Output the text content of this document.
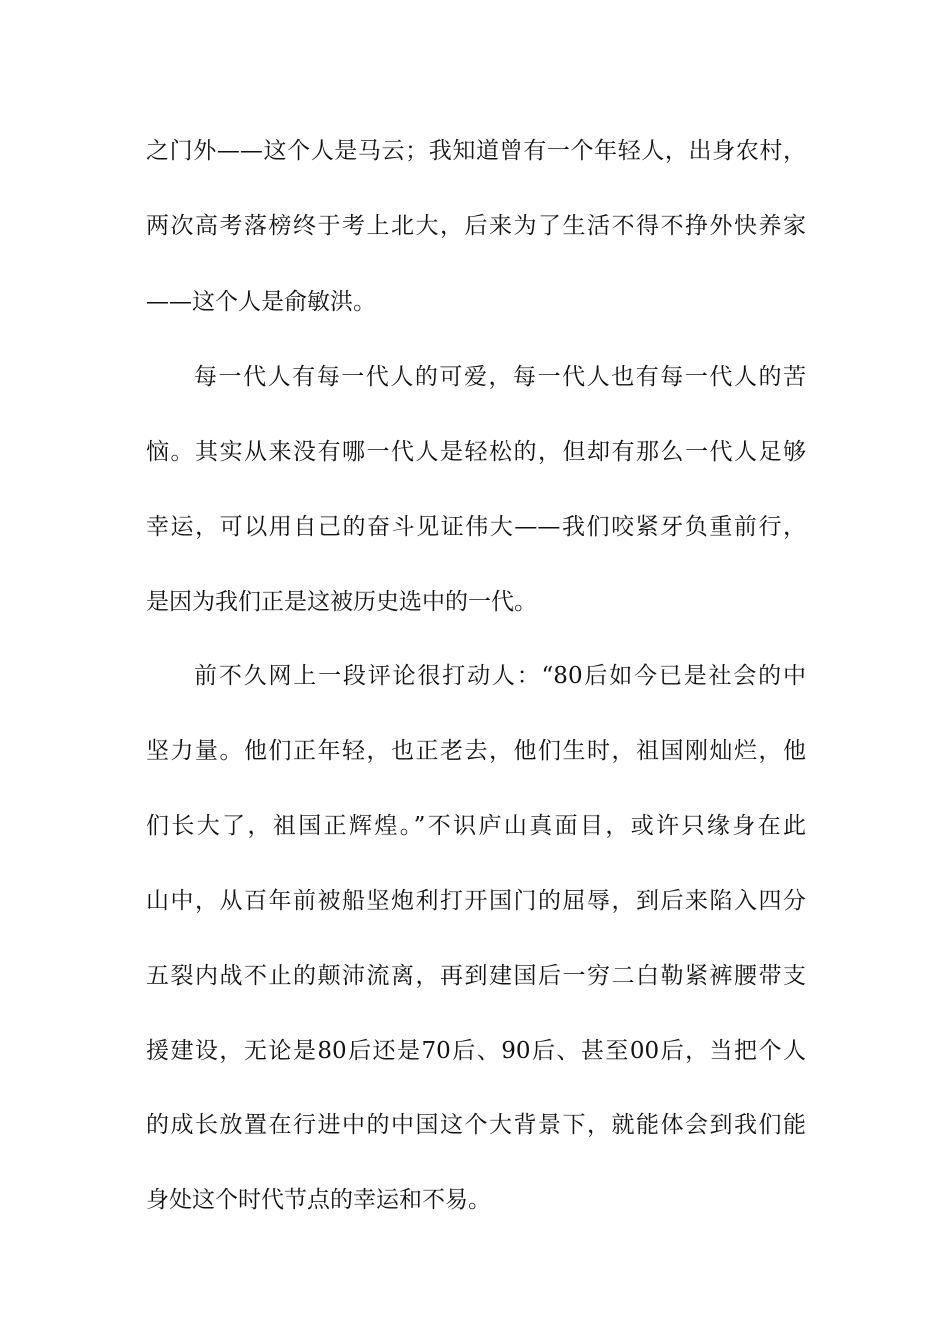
之门外——这个人是马云；我知道曾有一个年轻人，出身农村，
两次高考落榜终于考上北大，后来为了生活不得不挣外快养家
——这个人是俞敏洪。
每一代人有每一代人的可爱，每一代人也有每一代人的苦
恼。其实从来没有哪一代人是轻松的，但却有那么一代人足够
幸运，可以用自己的奋斗见证伟大——我们咬紧牙负重前行，
是因为我们正是这被历史选中的一代。
前不久网上一段评论很打动人：“80后如今已是社会的中
坚力量。他们正年轻，也正老去，他们生时，祖国刚灿烂，他
们长大了，祖国正辉煌。”不识庐山真面目，或许只缘身在此
山中，从百年前被船坚炮利打开国门的屈辱，到后来陷入四分
五裂内战不止的颠沛流离，再到建国后一穷二白勒紧裤腰带支
援建设，无论是80后还是70后、90后、甚至00后，当把个人
的成长放置在行进中的中国这个大背景下，就能体会到我们能
身处这个时代节点的幸运和不易。
